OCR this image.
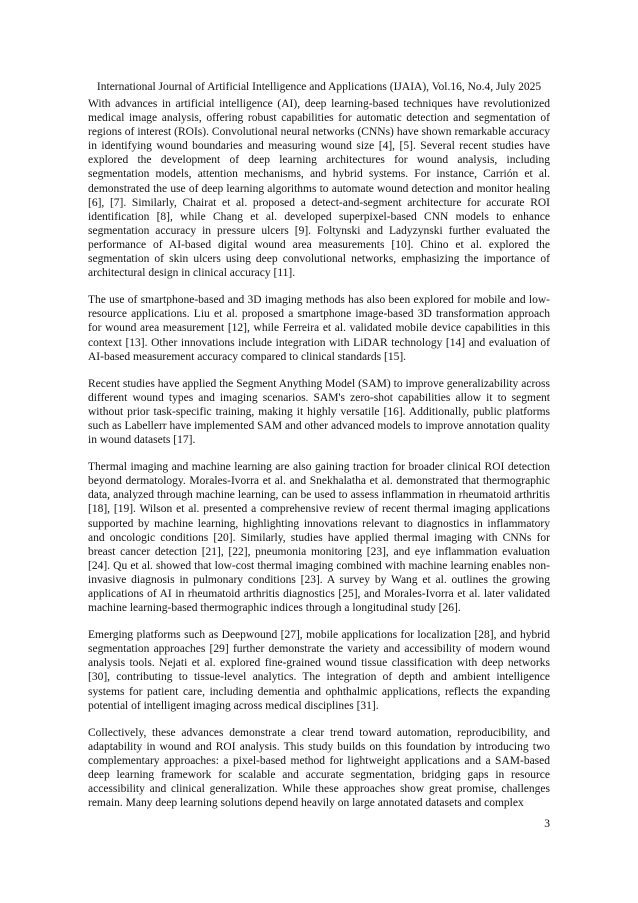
International Journal of Artificial Intelligence and Applications (IJAIA), Vol.16, No.4, July 2025

With advances in artificial intelligence (AI), deep learning-based techniques have revolutionized medical image analysis, offering robust capabilities for automatic detection and segmentation of regions of interest (ROIs). Convolutional neural networks (CNNs) have shown remarkable accuracy in identifying wound boundaries and measuring wound size [4], [5]. Several recent studies have explored the development of deep learning architectures for wound analysis, including segmentation models, attention mechanisms, and hybrid systems. For instance, Carrión et al. demonstrated the use of deep learning algorithms to automate wound detection and monitor healing [6], [7]. Similarly, Chairat et al. proposed a detect-and-segment architecture for accurate ROI identification [8], while Chang et al. developed superpixel-based CNN models to enhance segmentation accuracy in pressure ulcers [9]. Foltynski and Ladyzynski further evaluated the performance of AI-based digital wound area measurements [10]. Chino et al. explored the segmentation of skin ulcers using deep convolutional networks, emphasizing the importance of architectural design in clinical accuracy [11].

The use of smartphone-based and 3D imaging methods has also been explored for mobile and low-resource applications. Liu et al. proposed a smartphone image-based 3D transformation approach for wound area measurement [12], while Ferreira et al. validated mobile device capabilities in this context [13]. Other innovations include integration with LiDAR technology [14] and evaluation of AI-based measurement accuracy compared to clinical standards [15].

Recent studies have applied the Segment Anything Model (SAM) to improve generalizability across different wound types and imaging scenarios. SAM's zero-shot capabilities allow it to segment without prior task-specific training, making it highly versatile [16]. Additionally, public platforms such as Labellerr have implemented SAM and other advanced models to improve annotation quality in wound datasets [17].

Thermal imaging and machine learning are also gaining traction for broader clinical ROI detection beyond dermatology. Morales-Ivorra et al. and Snekhalatha et al. demonstrated that thermographic data, analyzed through machine learning, can be used to assess inflammation in rheumatoid arthritis [18], [19]. Wilson et al. presented a comprehensive review of recent thermal imaging applications supported by machine learning, highlighting innovations relevant to diagnostics in inflammatory and oncologic conditions [20]. Similarly, studies have applied thermal imaging with CNNs for breast cancer detection [21], [22], pneumonia monitoring [23], and eye inflammation evaluation [24]. Qu et al. showed that low-cost thermal imaging combined with machine learning enables non-invasive diagnosis in pulmonary conditions [23]. A survey by Wang et al. outlines the growing applications of AI in rheumatoid arthritis diagnostics [25], and Morales-Ivorra et al. later validated machine learning-based thermographic indices through a longitudinal study [26].

Emerging platforms such as Deepwound [27], mobile applications for localization [28], and hybrid segmentation approaches [29] further demonstrate the variety and accessibility of modern wound analysis tools. Nejati et al. explored fine-grained wound tissue classification with deep networks [30], contributing to tissue-level analytics. The integration of depth and ambient intelligence systems for patient care, including dementia and ophthalmic applications, reflects the expanding potential of intelligent imaging across medical disciplines [31].

Collectively, these advances demonstrate a clear trend toward automation, reproducibility, and adaptability in wound and ROI analysis. This study builds on this foundation by introducing two complementary approaches: a pixel-based method for lightweight applications and a SAM-based deep learning framework for scalable and accurate segmentation, bridging gaps in resource accessibility and clinical generalization. While these approaches show great promise, challenges remain. Many deep learning solutions depend heavily on large annotated datasets and complex

3
